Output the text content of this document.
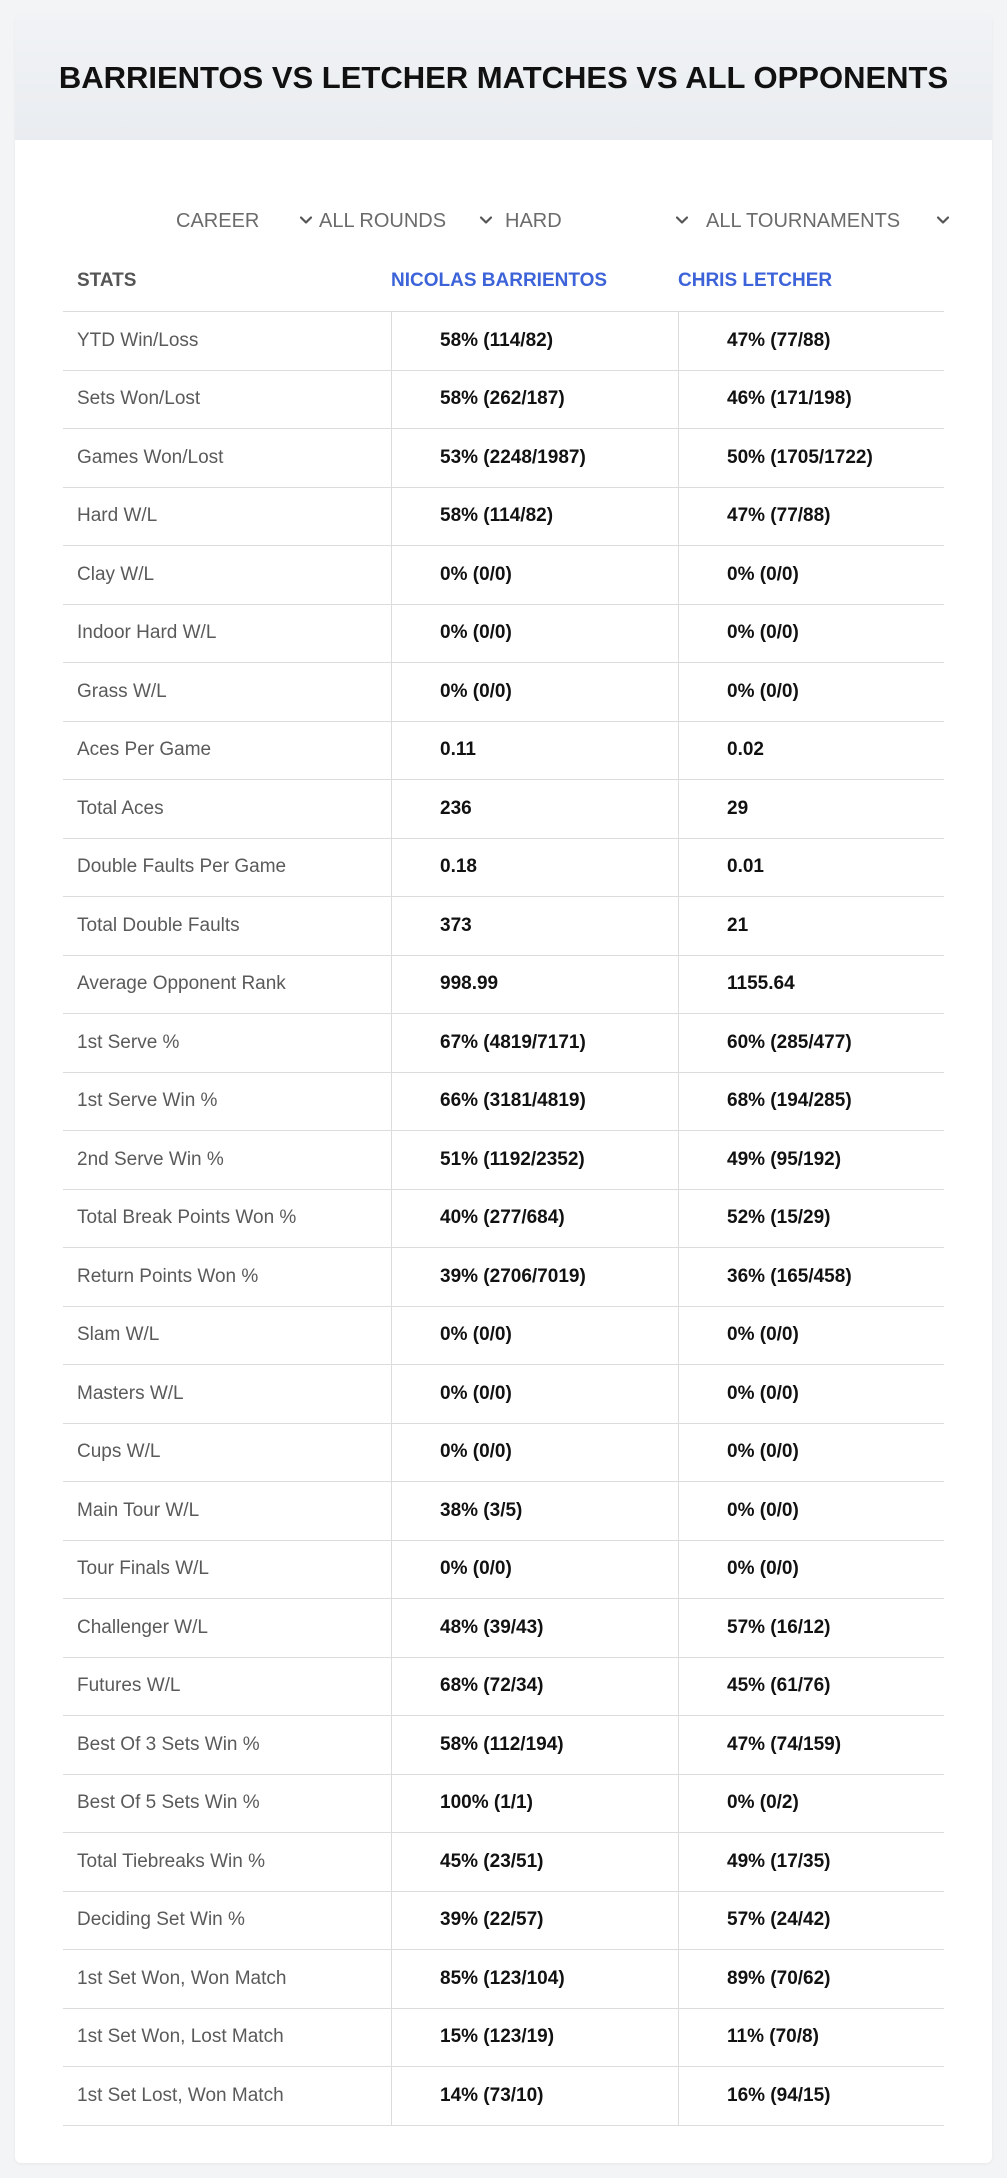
BARRIENTOS VS LETCHER MATCHES VS ALL OPPONENTS
CAREER	ALL ROUNDS	HARD	ALL TOURNAMENTS
STATS	NICOLAS BARRIENTOS	CHRIS LETCHER
YTD Win/Loss	58% (114/82)	47% (77/88)
Sets Won/Lost	58% (262/187)	46% (171/198)
Games Won/Lost	53% (2248/1987)	50% (1705/1722)
Hard W/L	58% (114/82)	47% (77/88)
Clay W/L	0% (0/0)	0% (0/0)
Indoor Hard W/L	0% (0/0)	0% (0/0)
Grass W/L	0% (0/0)	0% (0/0)
Aces Per Game	0.11	0.02
Total Aces	236	29
Double Faults Per Game	0.18	0.01
Total Double Faults	373	21
Average Opponent Rank	998.99	1155.64
1st Serve %	67% (4819/7171)	60% (285/477)
1st Serve Win %	66% (3181/4819)	68% (194/285)
2nd Serve Win %	51% (1192/2352)	49% (95/192)
Total Break Points Won %	40% (277/684)	52% (15/29)
Return Points Won %	39% (2706/7019)	36% (165/458)
Slam W/L	0% (0/0)	0% (0/0)
Masters W/L	0% (0/0)	0% (0/0)
Cups W/L	0% (0/0)	0% (0/0)
Main Tour W/L	38% (3/5)	0% (0/0)
Tour Finals W/L	0% (0/0)	0% (0/0)
Challenger W/L	48% (39/43)	57% (16/12)
Futures W/L	68% (72/34)	45% (61/76)
Best Of 3 Sets Win %	58% (112/194)	47% (74/159)
Best Of 5 Sets Win %	100% (1/1)	0% (0/2)
Total Tiebreaks Win %	45% (23/51)	49% (17/35)
Deciding Set Win %	39% (22/57)	57% (24/42)
1st Set Won, Won Match	85% (123/104)	89% (70/62)
1st Set Won, Lost Match	15% (123/19)	11% (70/8)
1st Set Lost, Won Match	14% (73/10)	16% (94/15)
